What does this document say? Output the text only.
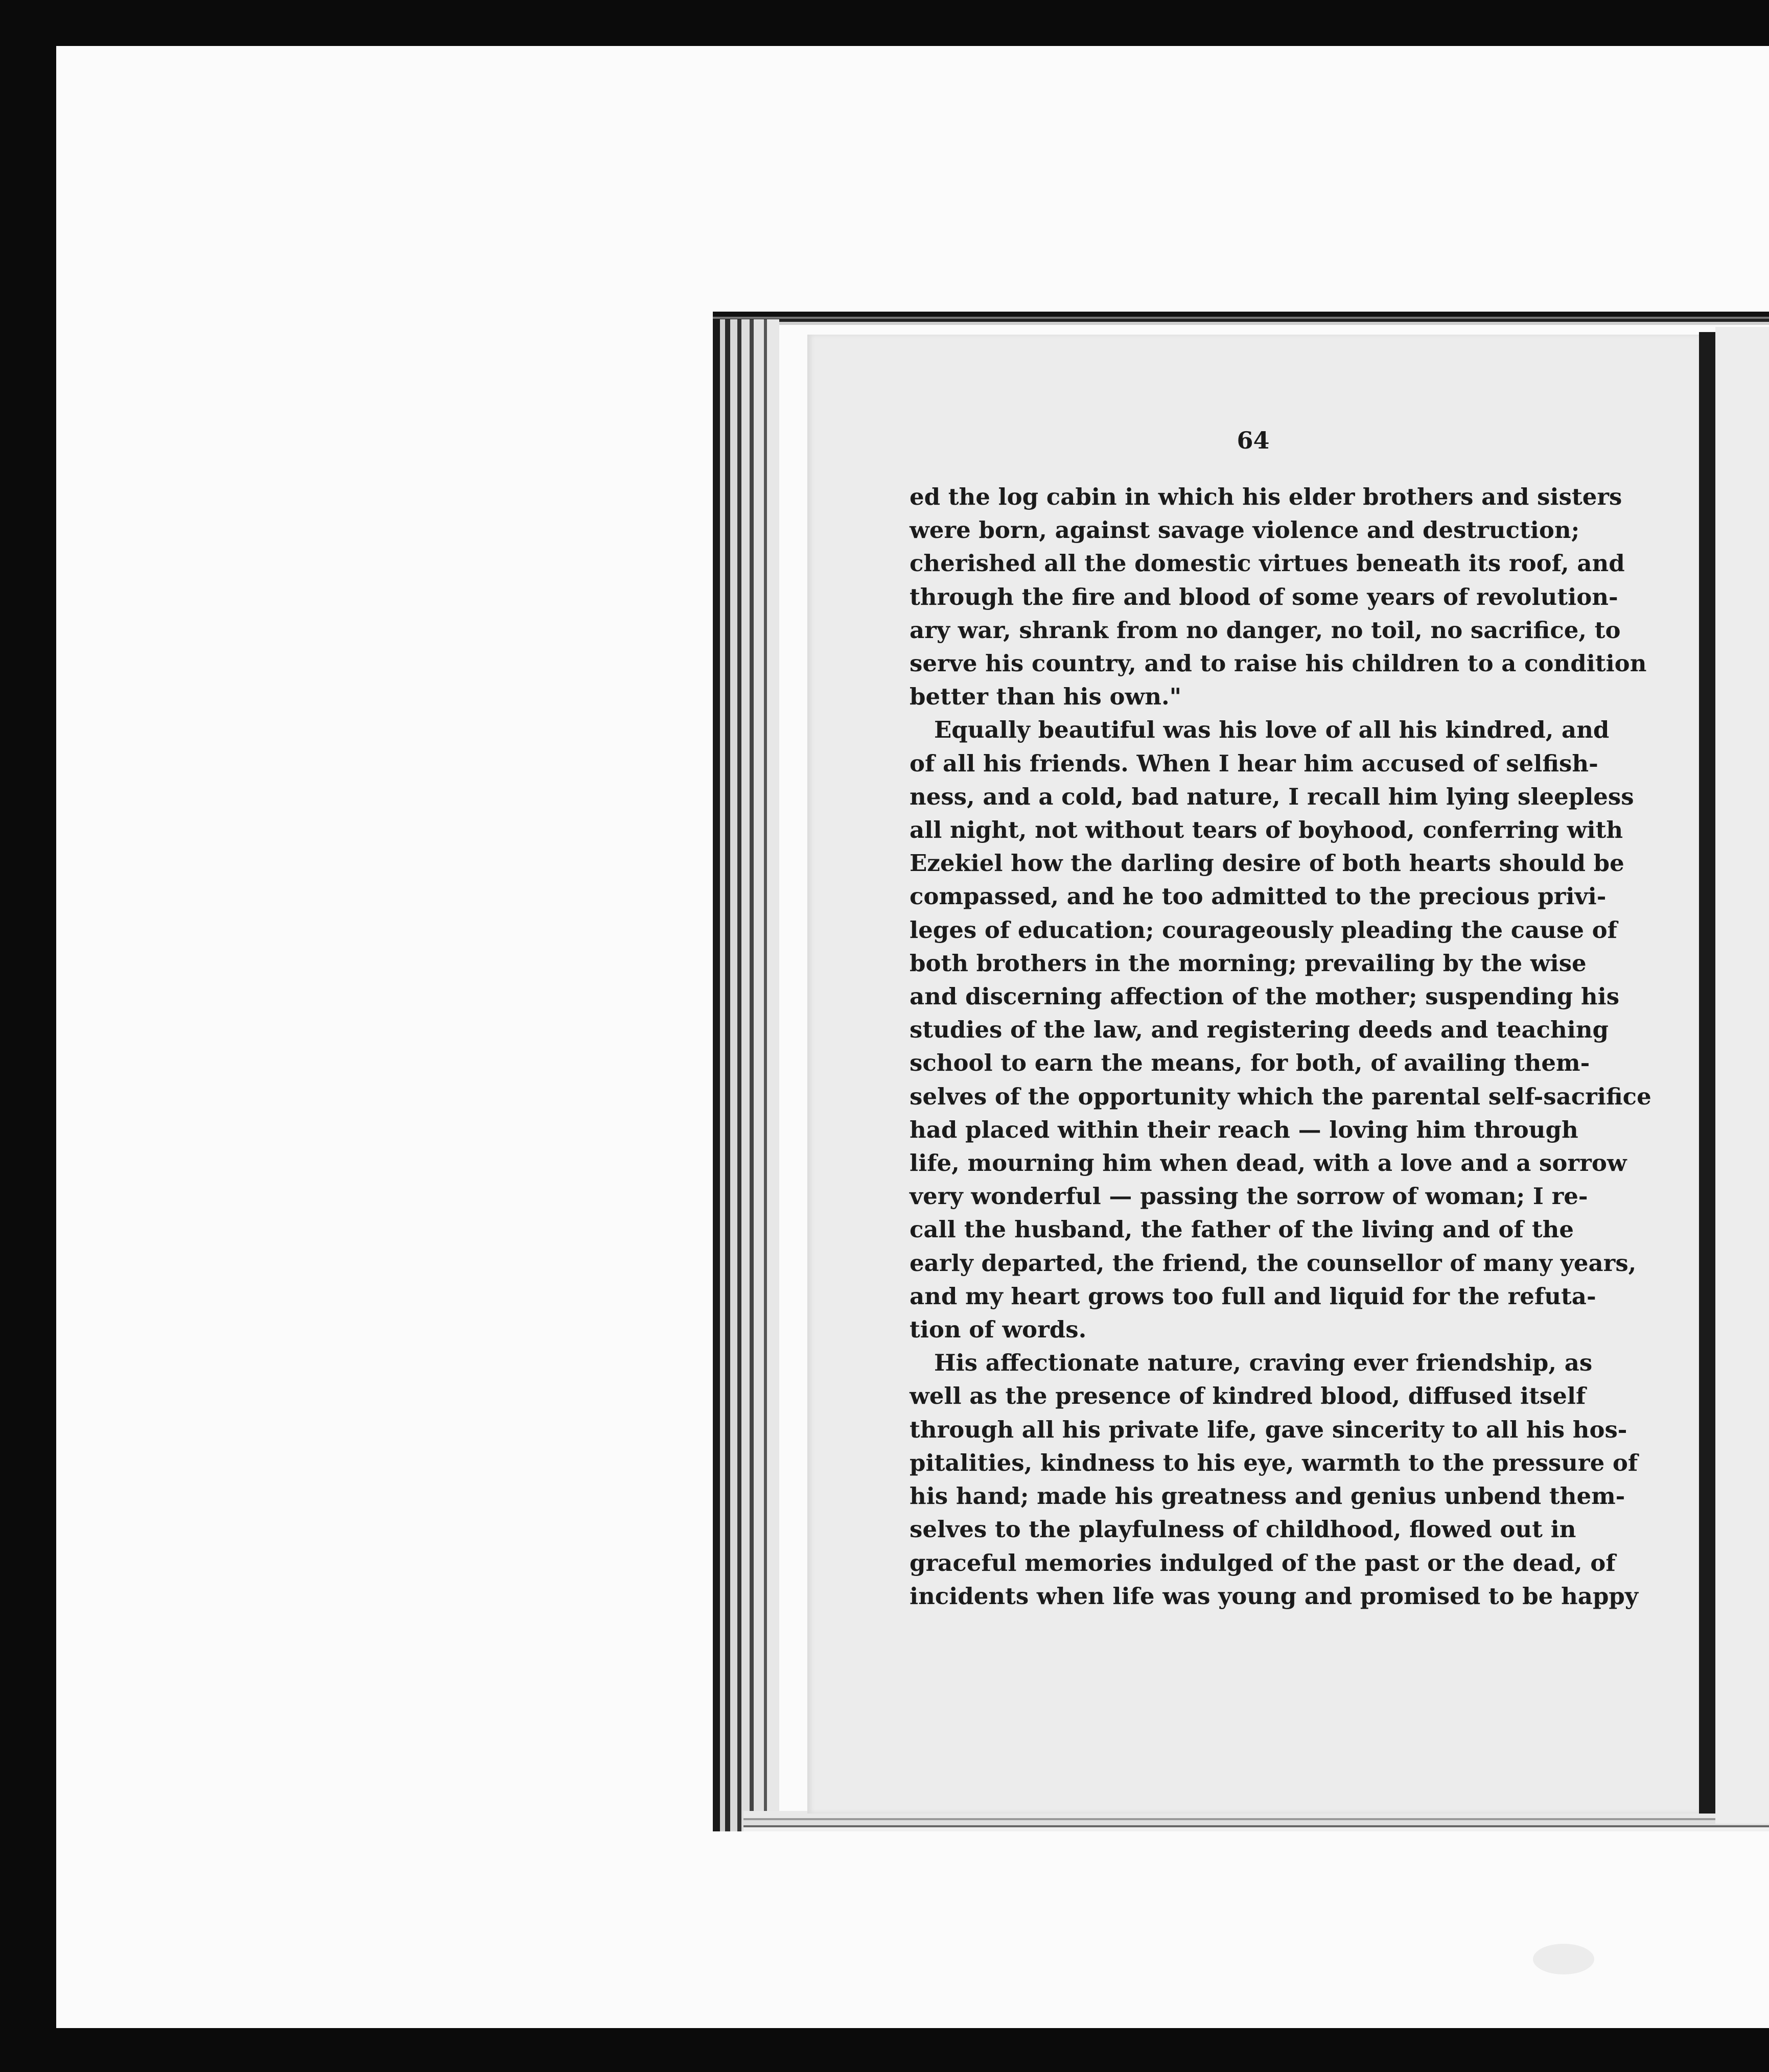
64
ed the log cabin in which his elder brothers and sisters
were born, against savage violence and destruction;
cherished all the domestic virtues beneath its roof, and
through the fire and blood of some years of revolution-
ary war, shrank from no danger, no toil, no sacrifice, to
serve his country, and to raise his children to a condition
better than his own."
Equally beautiful was his love of all his kindred, and
of all his friends. When I hear him accused of selfish-
ness, and a cold, bad nature, I recall him lying sleepless
all night, not without tears of boyhood, conferring with
Ezekiel how the darling desire of both hearts should be
compassed, and he too admitted to the precious privi-
leges of education; courageously pleading the cause of
both brothers in the morning; prevailing by the wise
and discerning affection of the mother; suspending his
studies of the law, and registering deeds and teaching
school to earn the means, for both, of availing them-
selves of the opportunity which the parental self-sacrifice
had placed within their reach — loving him through
life, mourning him when dead, with a love and a sorrow
very wonderful — passing the sorrow of woman; I re-
call the husband, the father of the living and of the
early departed, the friend, the counsellor of many years,
and my heart grows too full and liquid for the refuta-
tion of words.
His affectionate nature, craving ever friendship, as
well as the presence of kindred blood, diffused itself
through all his private life, gave sincerity to all his hos-
pitalities, kindness to his eye, warmth to the pressure of
his hand; made his greatness and genius unbend them-
selves to the playfulness of childhood, flowed out in
graceful memories indulged of the past or the dead, of
incidents when life was young and promised to be happy
